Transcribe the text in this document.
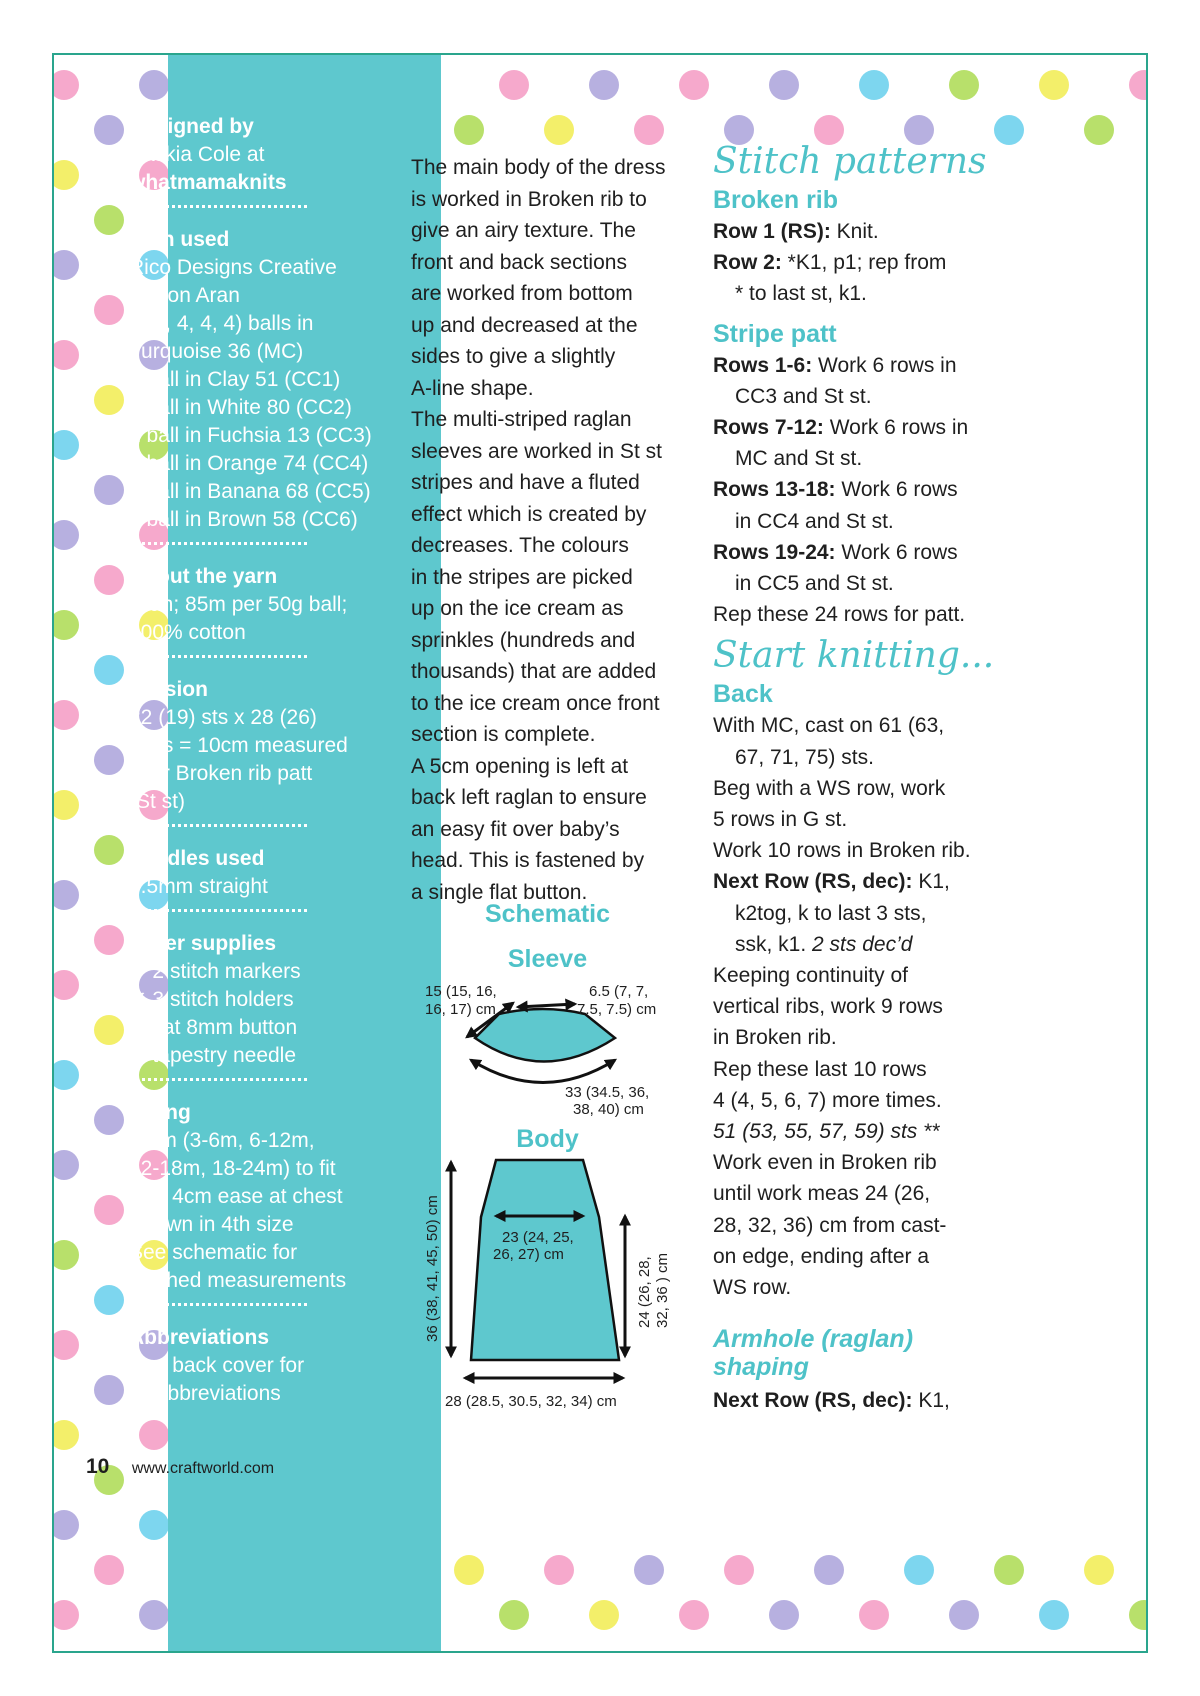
Designed by
Saskia Cole at
whatmamaknits
Yarn used
Rico Designs Creative
Cotton Aran
3 (3, 4, 4, 4) balls in
Turquoise 36 (MC)
1 ball in Clay 51 (CC1)
1 ball in White 80 (CC2)
1 ball in Fuchsia 13 (CC3)
1 ball in Orange 74 (CC4)
1 ball in Banana 68 (CC5)
1 ball in Brown 58 (CC6)
About the yarn
Aran; 85m per 50g ball;
100% cotton
Tension
22 (19) sts x 28 (26)
rows = 10cm measured
over Broken rib patt
(St st)
Needles used
4.5mm straight
Other supplies
✔ 2 stitch markers
✔ 3 stitch holders
✔ flat 8mm button
✔ tapestry needle
Sizing
0-3m (3-6m, 6-12m,
12-18m, 18-24m) to fit
with 4cm ease at chest
Shown in 4th size
See schematic for
finished measurements
Abbreviations
See back cover for
all abbreviations
The main body of the dress
is worked in Broken rib to
give an airy texture. The
front and back sections
are worked from bottom
up and decreased at the
sides to give a slightly
A-line shape.
The multi-striped raglan
sleeves are worked in St st
stripes and have a fluted
effect which is created by
decreases. The colours
in the stripes are picked
up on the ice cream as
sprinkles (hundreds and
thousands) that are added
to the ice cream once front
section is complete.
A 5cm opening is left at
back left raglan to ensure
an easy fit over baby’s
head. This is fastened by
a single flat button.
Schematic
Sleeve
Body
15 (15, 16,
16, 17) cm
6.5 (7, 7,
7.5, 7.5) cm
33 (34.5, 36,
38, 40) cm
23 (24, 25,
26, 27) cm
36 (38, 41, 45, 50) cm	24 (26, 28, 32, 36 ) cm
28 (28.5, 30.5, 32, 34) cm
Stitch patterns
Broken rib
Row 1 (RS): Knit.
Row 2: *K1, p1; rep from
* to last st, k1.
Stripe patt
Rows 1-6: Work 6 rows in
CC3 and St st.
Rows 7-12: Work 6 rows in
MC and St st.
Rows 13-18: Work 6 rows
in CC4 and St st.
Rows 19-24: Work 6 rows
in CC5 and St st.
Rep these 24 rows for patt.
Start knitting...
Back
With MC, cast on 61 (63,
67, 71, 75) sts.
Beg with a WS row, work
5 rows in G st.
Work 10 rows in Broken rib.
Next Row (RS, dec): K1,
k2tog, k to last 3 sts,
ssk, k1. 2 sts dec’d
Keeping continuity of
vertical ribs, work 9 rows
in Broken rib.
Rep these last 10 rows
4 (4, 5, 6, 7) more times.
51 (53, 55, 57, 59) sts **
Work even in Broken rib
until work meas 24 (26,
28, 32, 36) cm from cast-
on edge, ending after a
WS row.
Armhole (raglan)
shaping
Next Row (RS, dec): K1,
10 www.craftworld.com
